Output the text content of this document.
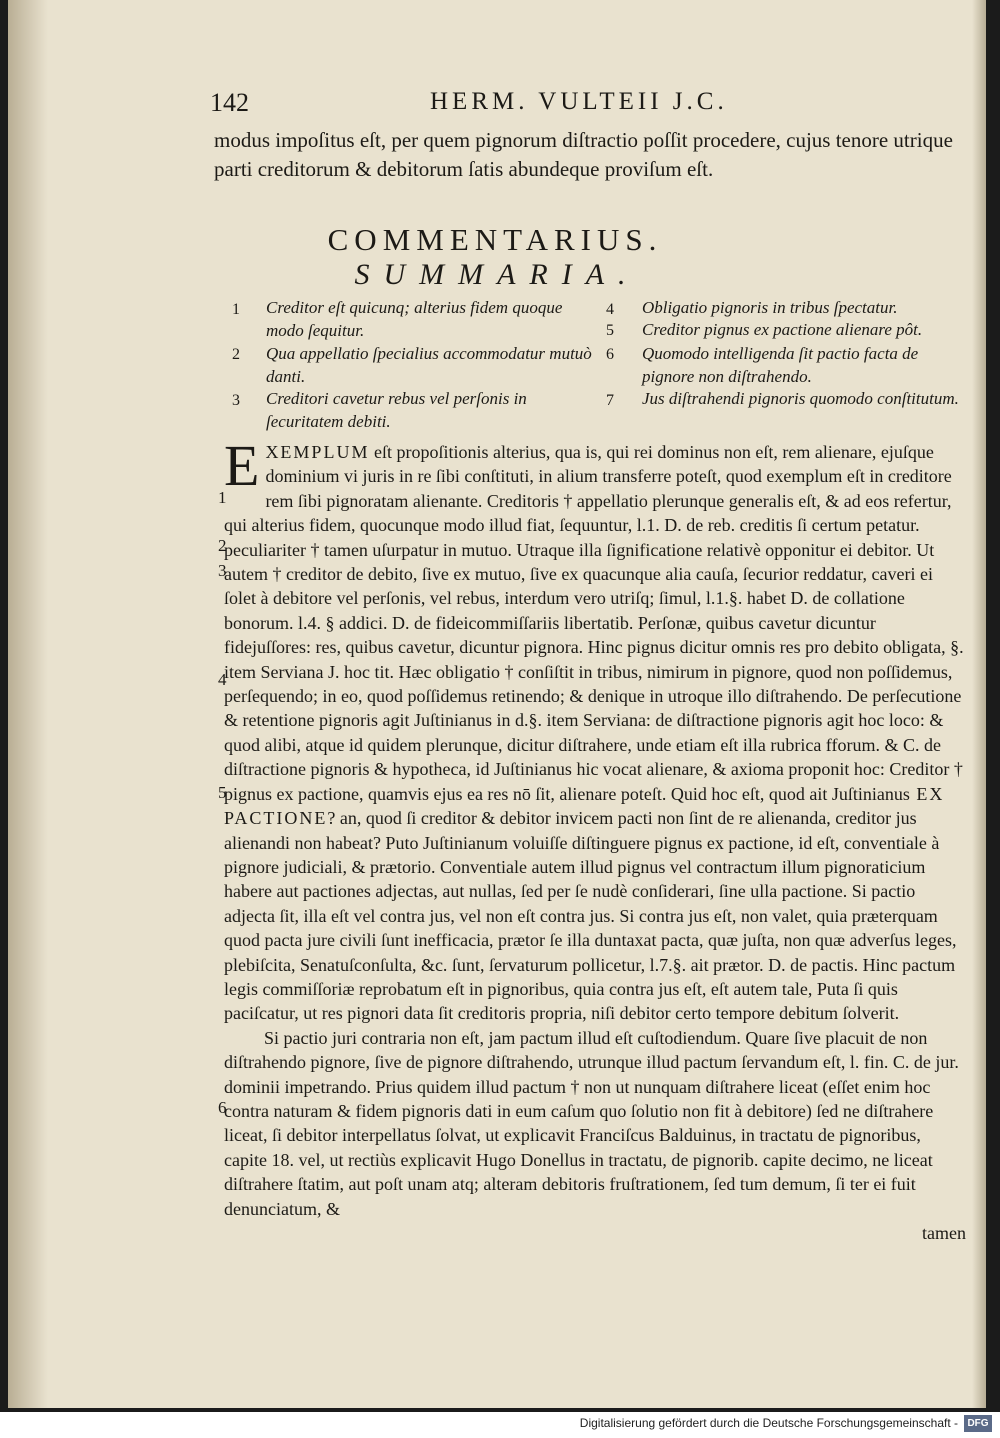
142	HERM. VULTEII J.C.
modus impoſitus eſt, per quem pignorum diſtractio poſſit procedere, cujus tenore utrique parti creditorum & debitorum ſatis abundeque proviſum eſt.
COMMENTARIUS.
SUMMARIA.
1 Creditor eſt quicunq; alterius fidem quoque modo ſequitur.
2 Qua appellatio ſpecialius accommodatur mutuò danti.
3 Creditori cavetur rebus vel perſonis in ſecuritatem debiti.
4 Obligatio pignoris in tribus ſpectatur.
5 Creditor pignus ex pactione alienare pôt.
6 Quomodo intelligenda ſit pactio facta de pignore non diſtrahendo.
7 Jus diſtrahendi pignoris quomodo conſtitutum.
1
2
3
4
5
6

EXEMPLUM eſt propoſitionis alterius, qua is, qui rei dominus non eſt, rem alienare, ejuſque dominium vi juris in re ſibi conſtituti, in alium transferre poteſt, quod exemplum eſt in creditore rem ſibi pignoratam alienante. Creditoris † appellatio plerunque generalis eſt, & ad eos refertur, qui alterius fidem, quocunque modo illud fiat, ſequuntur, l.1. D. de reb. creditis ſi certum petatur. peculiariter † tamen uſurpatur in mutuo. Utraque illa ſignificatione relativè opponitur ei debitor. Ut autem † creditor de debito, ſive ex mutuo, ſive ex quacunque alia cauſa, ſecurior reddatur, caveri ei ſolet à debitore vel perſonis, vel rebus, interdum vero utriſq; ſimul, l.1.§. habet D. de collatione bonorum. l.4. § addici. D. de fideicommiſſariis libertatib. Perſonæ, quibus cavetur dicuntur fidejuſſores: res, quibus cavetur, dicuntur pignora. Hinc pignus dicitur omnis res pro debito obligata, §. item Serviana J. hoc tit. Hæc obligatio † conſiſtit in tribus, nimirum in pignore, quod non poſſidemus, perſequendo; in eo, quod poſſidemus retinendo; & denique in utroque illo diſtrahendo. De perſecutione & retentione pignoris agit Juſtinianus in d.§. item Serviana: de diſtractione pignoris agit hoc loco: & quod alibi, atque id quidem plerunque, dicitur diſtrahere, unde etiam eſt illa rubrica fforum. & C. de diſtractione pignoris & hypotheca, id Juſtinianus hic vocat alienare, & axioma proponit hoc: Creditor † pignus ex pactione, quamvis ejus ea res nō ſit, alienare poteſt. Quid hoc eſt, quod ait Juſtinianus EX PACTIONE? an, quod ſi creditor & debitor invicem pacti non ſint de re alienanda, creditor jus alienandi non habeat? Puto Juſtinianum voluiſſe diſtinguere pignus ex pactione, id eſt, conventiale à pignore judiciali, & prætorio. Conventiale autem illud pignus vel contractum illum pignoraticium habere aut pactiones adjectas, aut nullas, ſed per ſe nudè conſiderari, ſine ulla pactione. Si pactio adjecta ſit, illa eſt vel contra jus, vel non eſt contra jus. Si contra jus eſt, non valet, quia præterquam quod pacta jure civili ſunt inefficacia, prætor ſe illa duntaxat pacta, quæ juſta, non quæ adverſus leges, plebiſcita, Senatuſconſulta, &c. ſunt, ſervaturum pollicetur, l.7.§. ait prætor. D. de pactis. Hinc pactum legis commiſſoriæ reprobatum eſt in pignoribus, quia contra jus eſt, eſt autem tale, Puta ſi quis paciſcatur, ut res pignori data ſit creditoris propria, niſi debitor certo tempore debitum ſolverit.

Si pactio juri contraria non eſt, jam pactum illud eſt cuſtodiendum. Quare ſive placuit de non diſtrahendo pignore, ſive de pignore diſtrahendo, utrunque illud pactum ſervandum eſt, l. fin. C. de jur. dominii impetrando. Prius quidem illud pactum † non ut nunquam diſtrahere liceat (eſſet enim hoc contra naturam & fidem pignoris dati in eum caſum quo ſolutio non fit à debitore) ſed ne diſtrahere liceat, ſi debitor interpellatus ſolvat, ut explicavit Franciſcus Balduinus, in tractatu de pignoribus, capite 18. vel, ut rectiùs explicavit Hugo Donellus in tractatu, de pignorib. capite decimo, ne liceat diſtrahere ſtatim, aut poſt unam atq; alteram debitoris fruſtrationem, ſed tum demum, ſi ter ei fuit denunciatum, &

tamen
Digitalisierung gefördert durch die Deutsche Forschungsgemeinschaft - DFG
